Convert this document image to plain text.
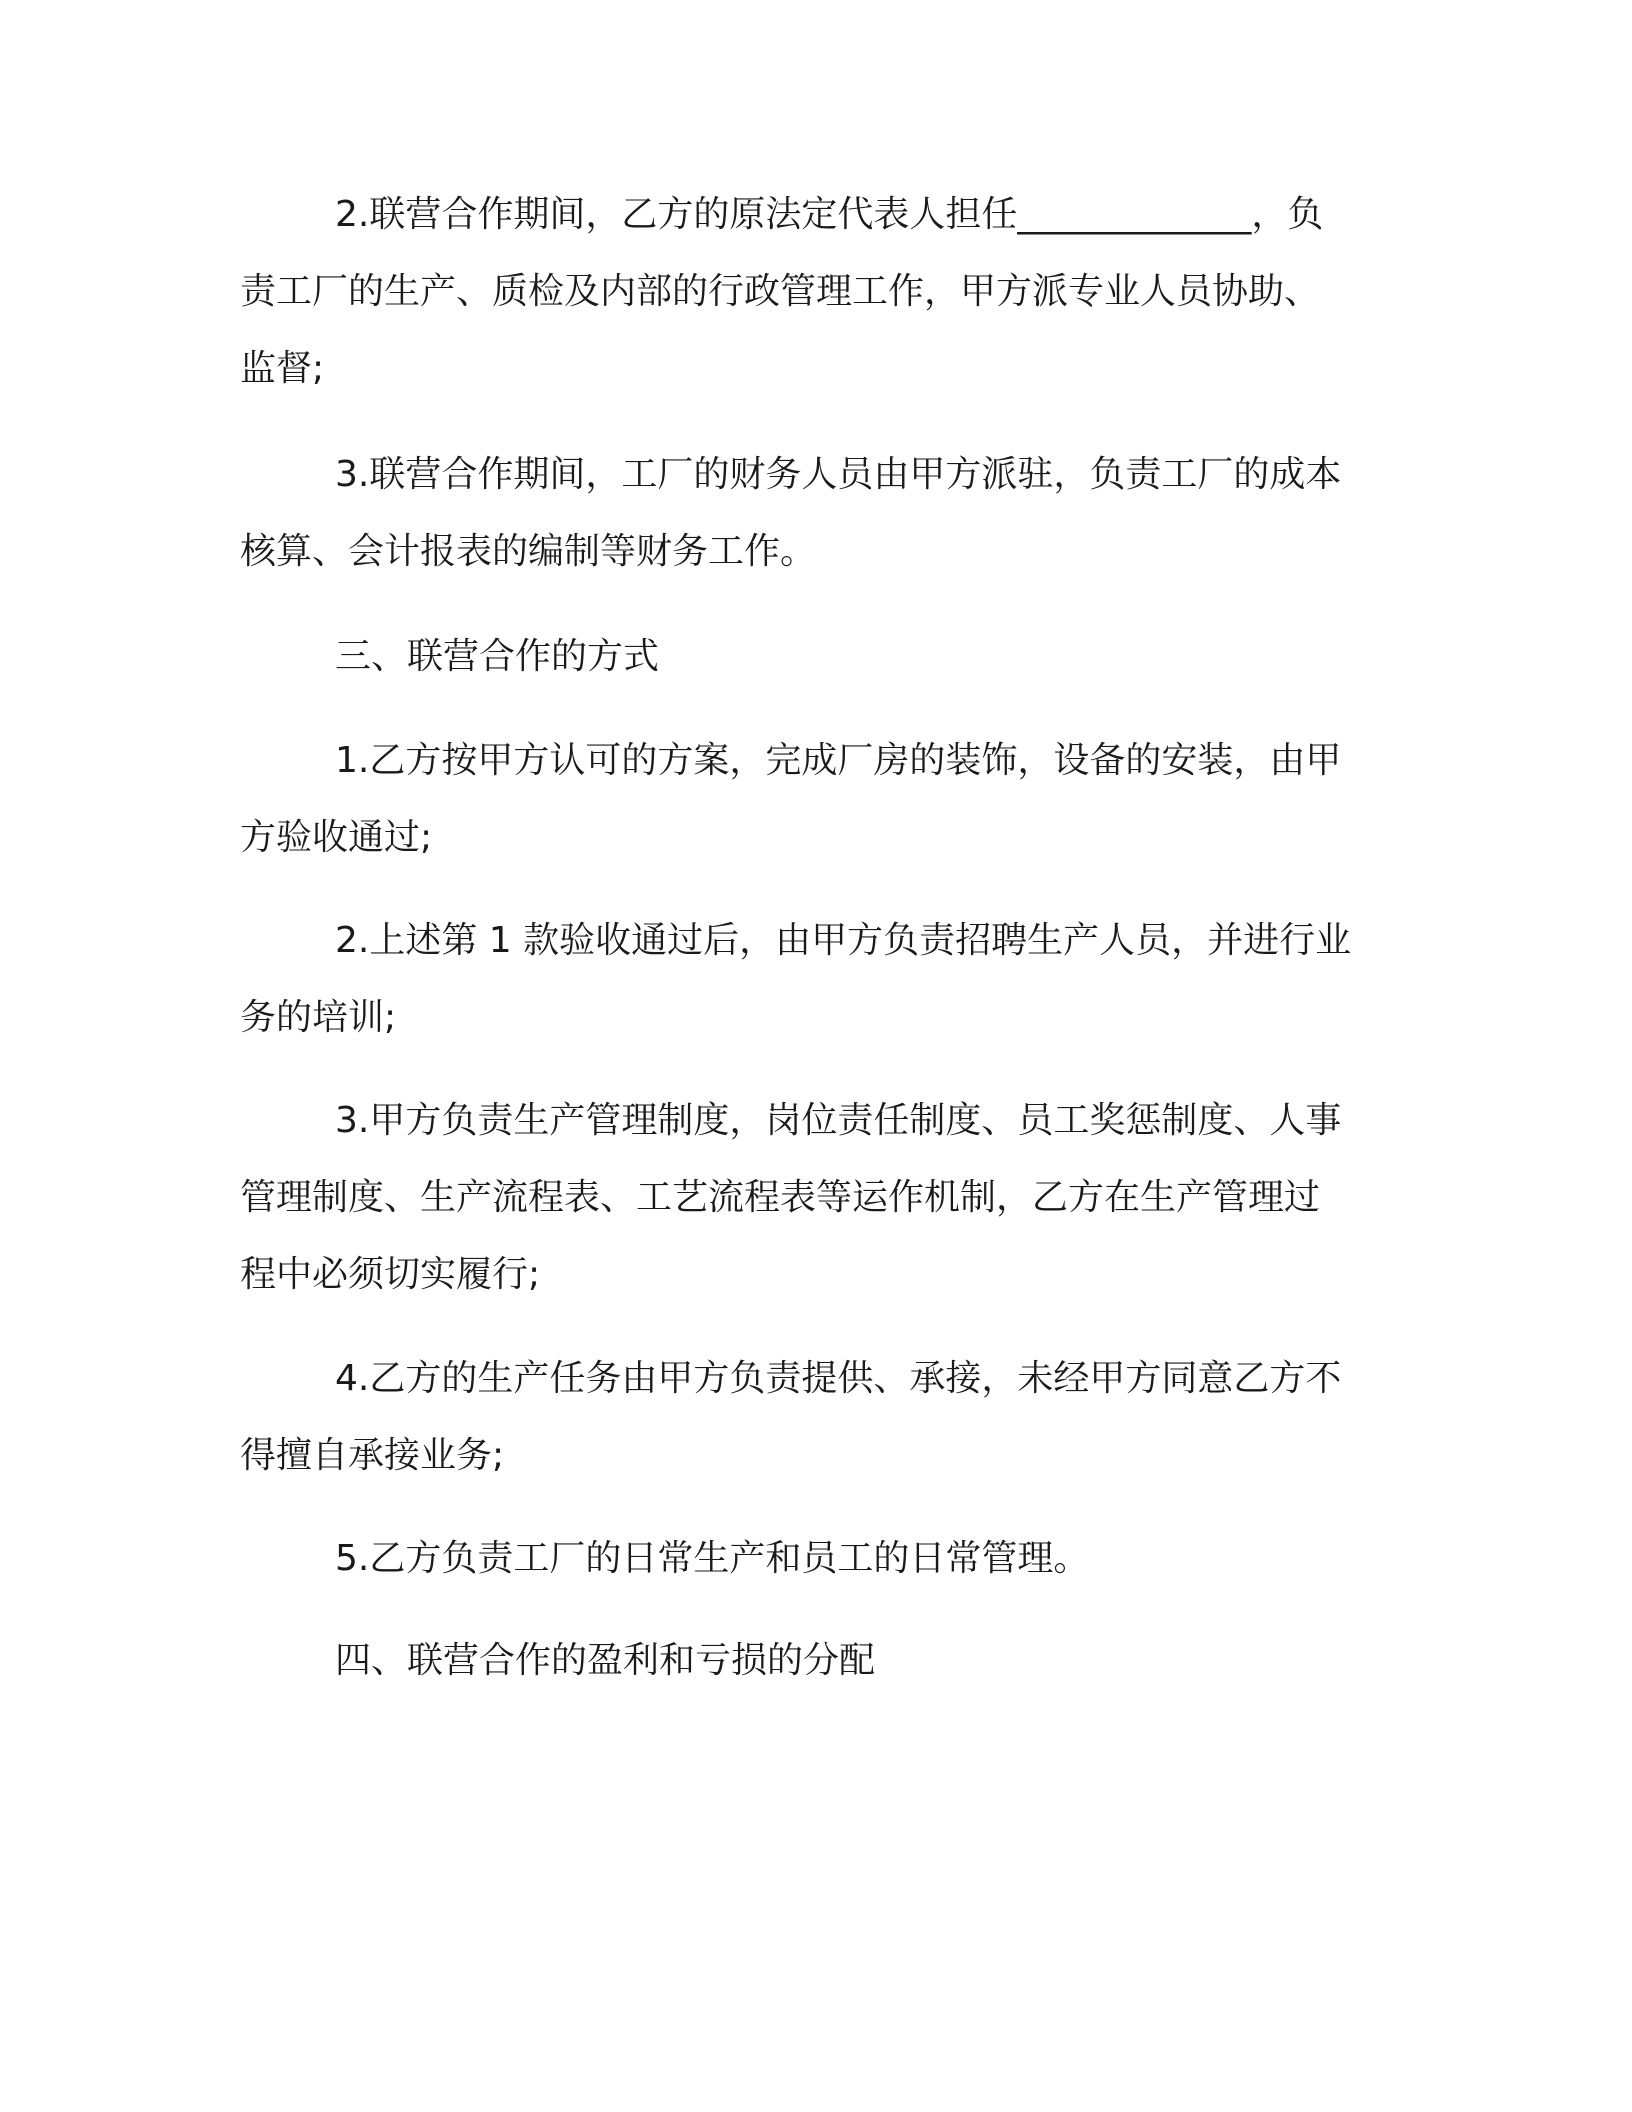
2.联营合作期间，乙方的原法定代表人担任_____________，负
责工厂的生产、质检及内部的行政管理工作，甲方派专业人员协助、
监督;

3.联营合作期间，工厂的财务人员由甲方派驻，负责工厂的成本
核算、会计报表的编制等财务工作。

三、联营合作的方式

1.乙方按甲方认可的方案，完成厂房的装饰，设备的安装，由甲
方验收通过;

2.上述第 1 款验收通过后，由甲方负责招聘生产人员，并进行业
务的培训;

3.甲方负责生产管理制度，岗位责任制度、员工奖惩制度、人事
管理制度、生产流程表、工艺流程表等运作机制，乙方在生产管理过
程中必须切实履行;

4.乙方的生产任务由甲方负责提供、承接，未经甲方同意乙方不
得擅自承接业务;

5.乙方负责工厂的日常生产和员工的日常管理。

四、联营合作的盈利和亏损的分配
